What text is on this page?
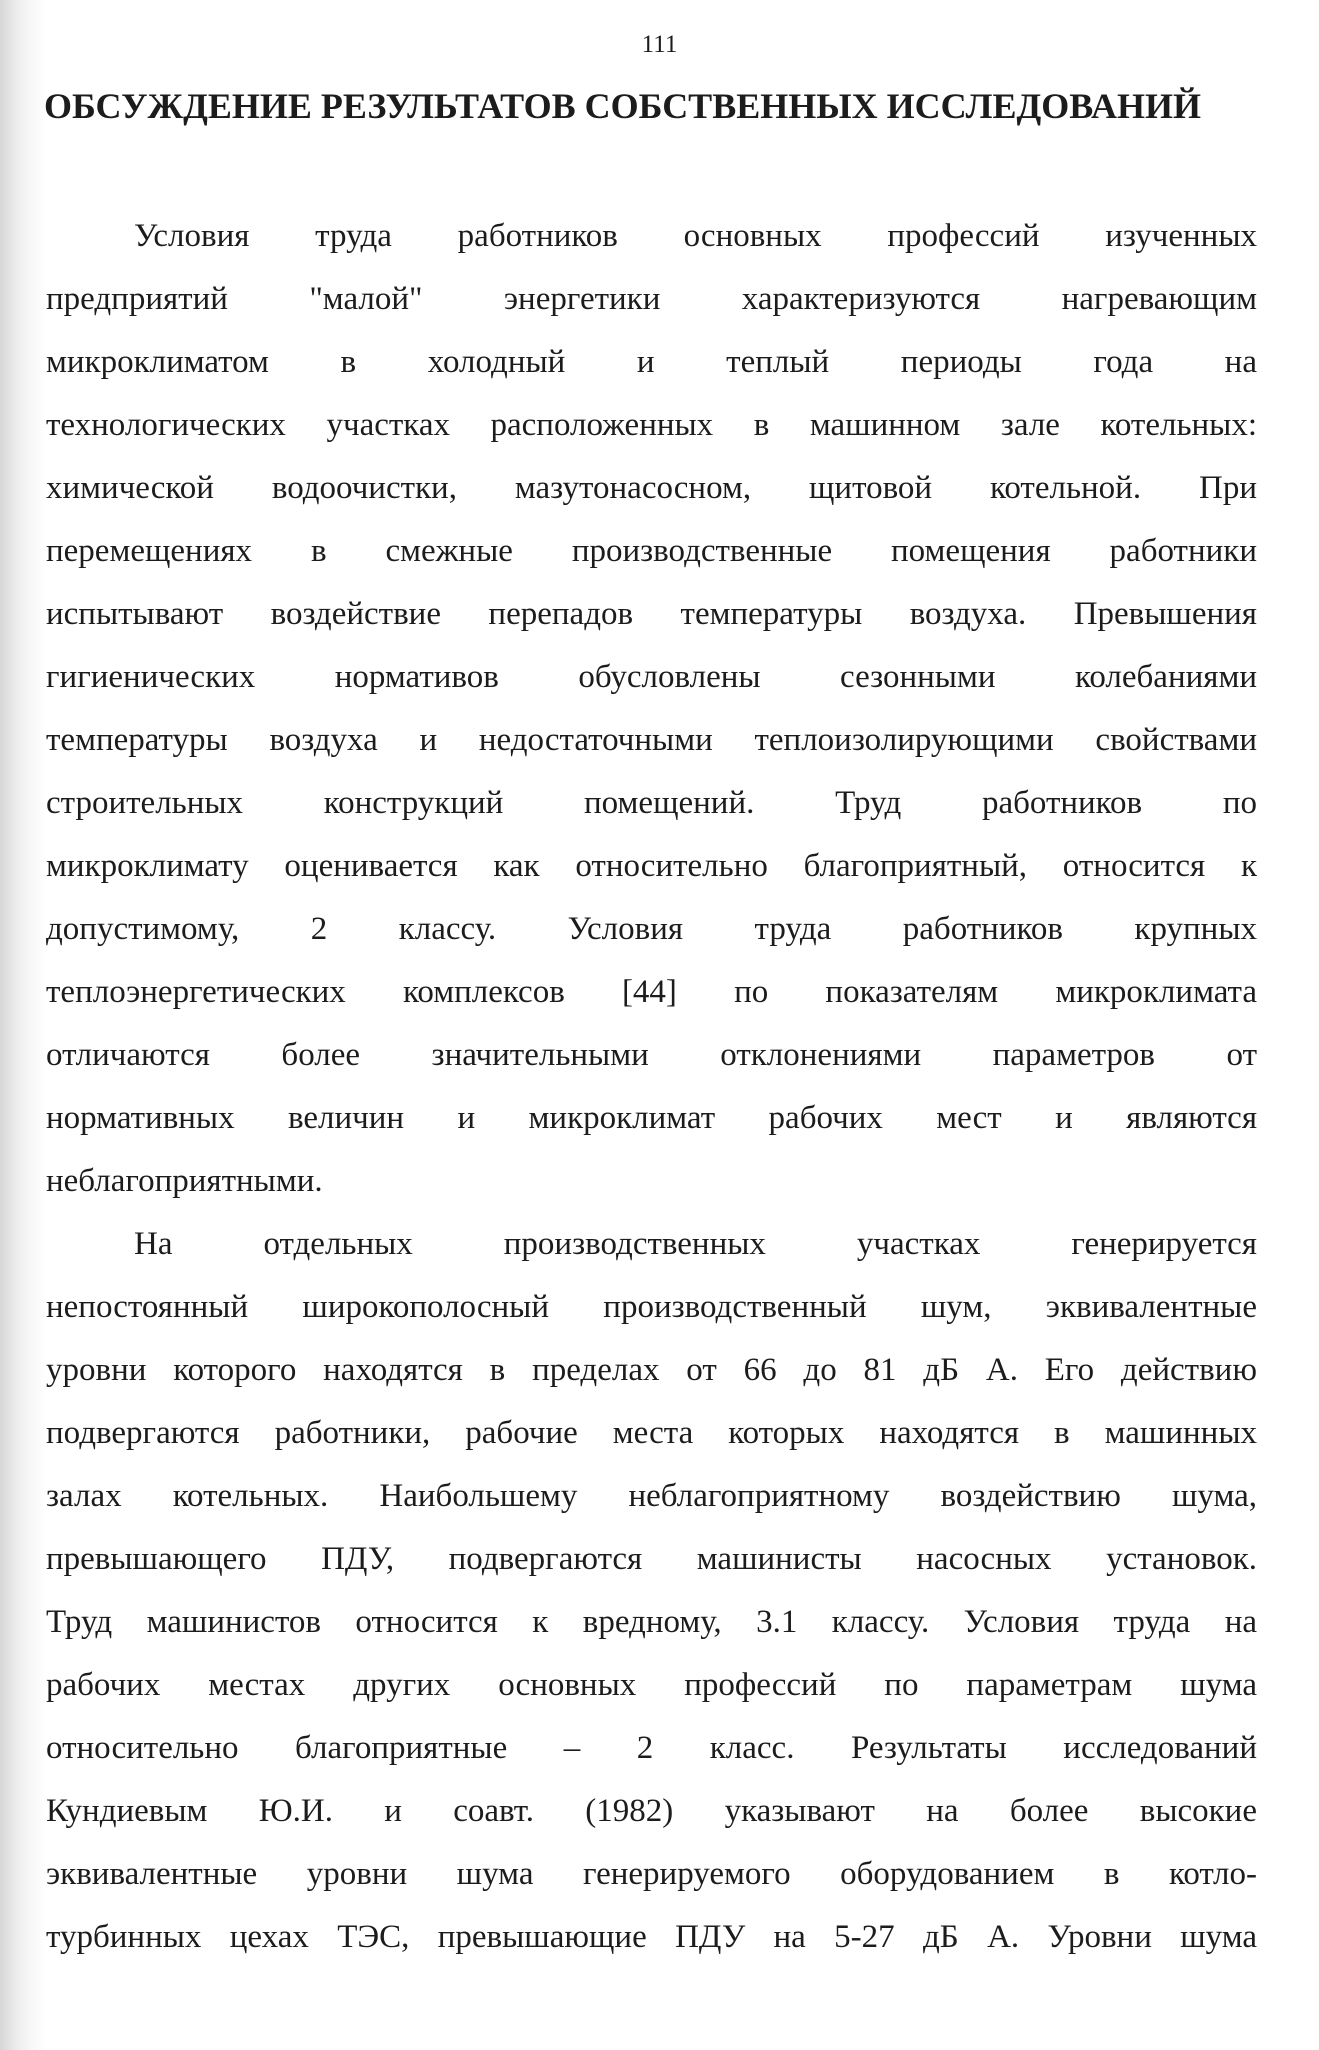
111
ОБСУЖДЕНИЕ РЕЗУЛЬТАТОВ СОБСТВЕННЫХ ИССЛЕДОВАНИЙ
Условия труда работников основных профессий изученных
предприятий "малой" энергетики характеризуются нагревающим
микроклиматом в холодный и теплый периоды года на
технологических участках расположенных в машинном зале котельных:
химической водоочистки, мазутонасосном, щитовой котельной. При
перемещениях в смежные производственные помещения работники
испытывают воздействие перепадов температуры воздуха. Превышения
гигиенических нормативов обусловлены сезонными колебаниями
температуры воздуха и недостаточными теплоизолирующими свойствами
строительных конструкций помещений. Труд работников по
микроклимату оценивается как относительно благоприятный, относится к
допустимому, 2 классу. Условия труда работников крупных
теплоэнергетических комплексов [44] по показателям микроклимата
отличаются более значительными отклонениями параметров от
нормативных величин и микроклимат рабочих мест и являются
неблагоприятными.
На отдельных производственных участках генерируется
непостоянный широкополосный производственный шум, эквивалентные
уровни которого находятся в пределах от 66 до 81 дБ А. Его действию
подвергаются работники, рабочие места которых находятся в машинных
залах котельных. Наибольшему неблагоприятному воздействию шума,
превышающего ПДУ, подвергаются машинисты насосных установок.
Труд машинистов относится к вредному, 3.1 классу. Условия труда на
рабочих местах других основных профессий по параметрам шума
относительно благоприятные – 2 класс. Результаты исследований
Кундиевым Ю.И. и соавт. (1982) указывают на более высокие
эквивалентные уровни шума генерируемого оборудованием в котло-
турбинных цехах ТЭС, превышающие ПДУ на 5-27 дБ А. Уровни шума
